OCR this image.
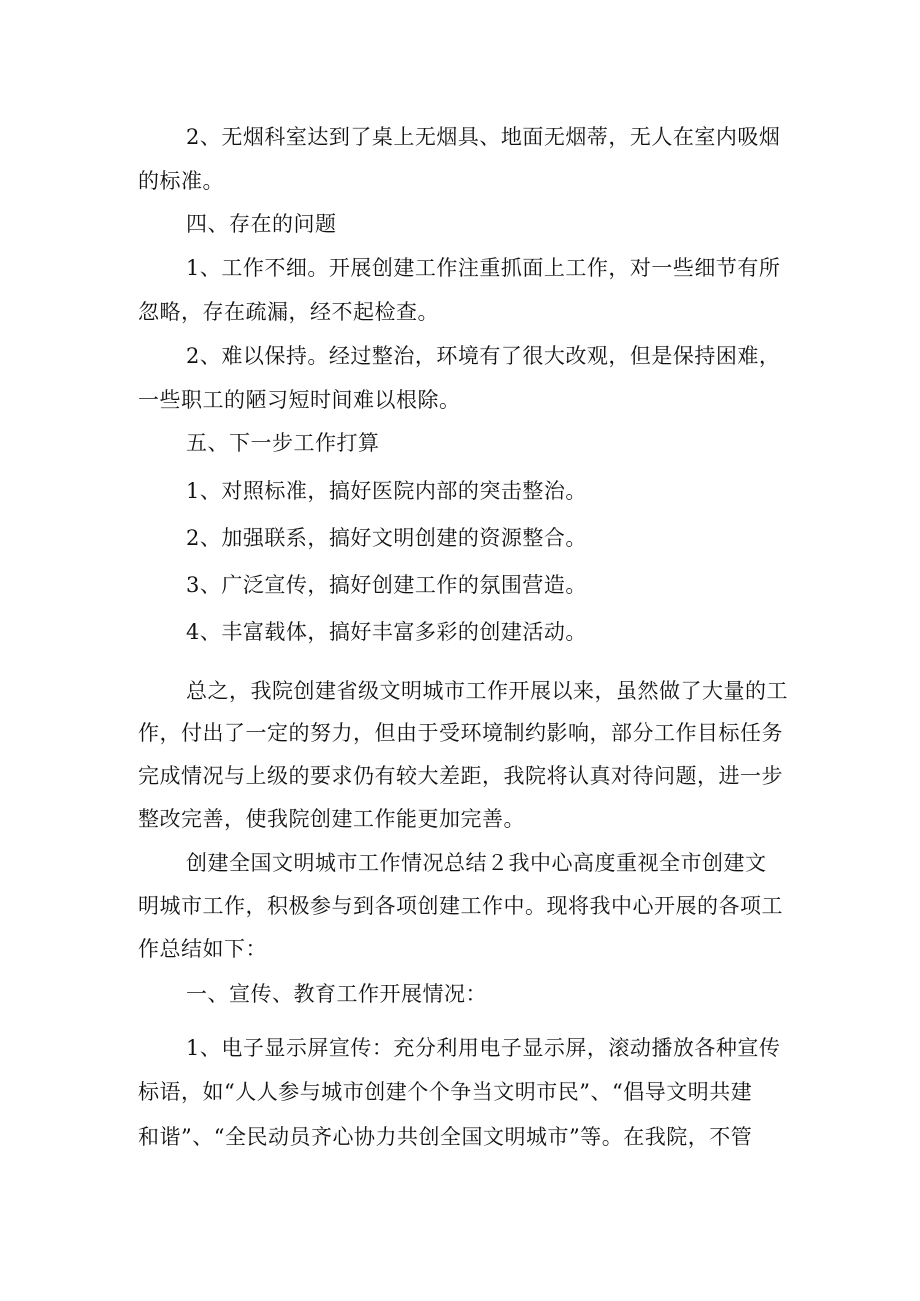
2、无烟科室达到了桌上无烟具、地面无烟蒂，无人在室内吸烟
的标准。
四、存在的问题
1、工作不细。开展创建工作注重抓面上工作，对一些细节有所
忽略，存在疏漏，经不起检查。
2、难以保持。经过整治，环境有了很大改观，但是保持困难，
一些职工的陋习短时间难以根除。
五、下一步工作打算
1、对照标准，搞好医院内部的突击整治。
2、加强联系，搞好文明创建的资源整合。
3、广泛宣传，搞好创建工作的氛围营造。
4、丰富载体，搞好丰富多彩的创建活动。
总之，我院创建省级文明城市工作开展以来，虽然做了大量的工
作，付出了一定的努力，但由于受环境制约影响，部分工作目标任务
完成情况与上级的要求仍有较大差距，我院将认真对待问题，进一步
整改完善，使我院创建工作能更加完善。
创建全国文明城市工作情况总结２我中心高度重视全市创建文
明城市工作，积极参与到各项创建工作中。现将我中心开展的各项工
作总结如下：
一、宣传、教育工作开展情况：
1、电子显示屏宣传：充分利用电子显示屏，滚动播放各种宣传
标语，如“人人参与城市创建个个争当文明市民”、“倡导文明共建
和谐”、“全民动员齐心协力共创全国文明城市”等。在我院，不管
